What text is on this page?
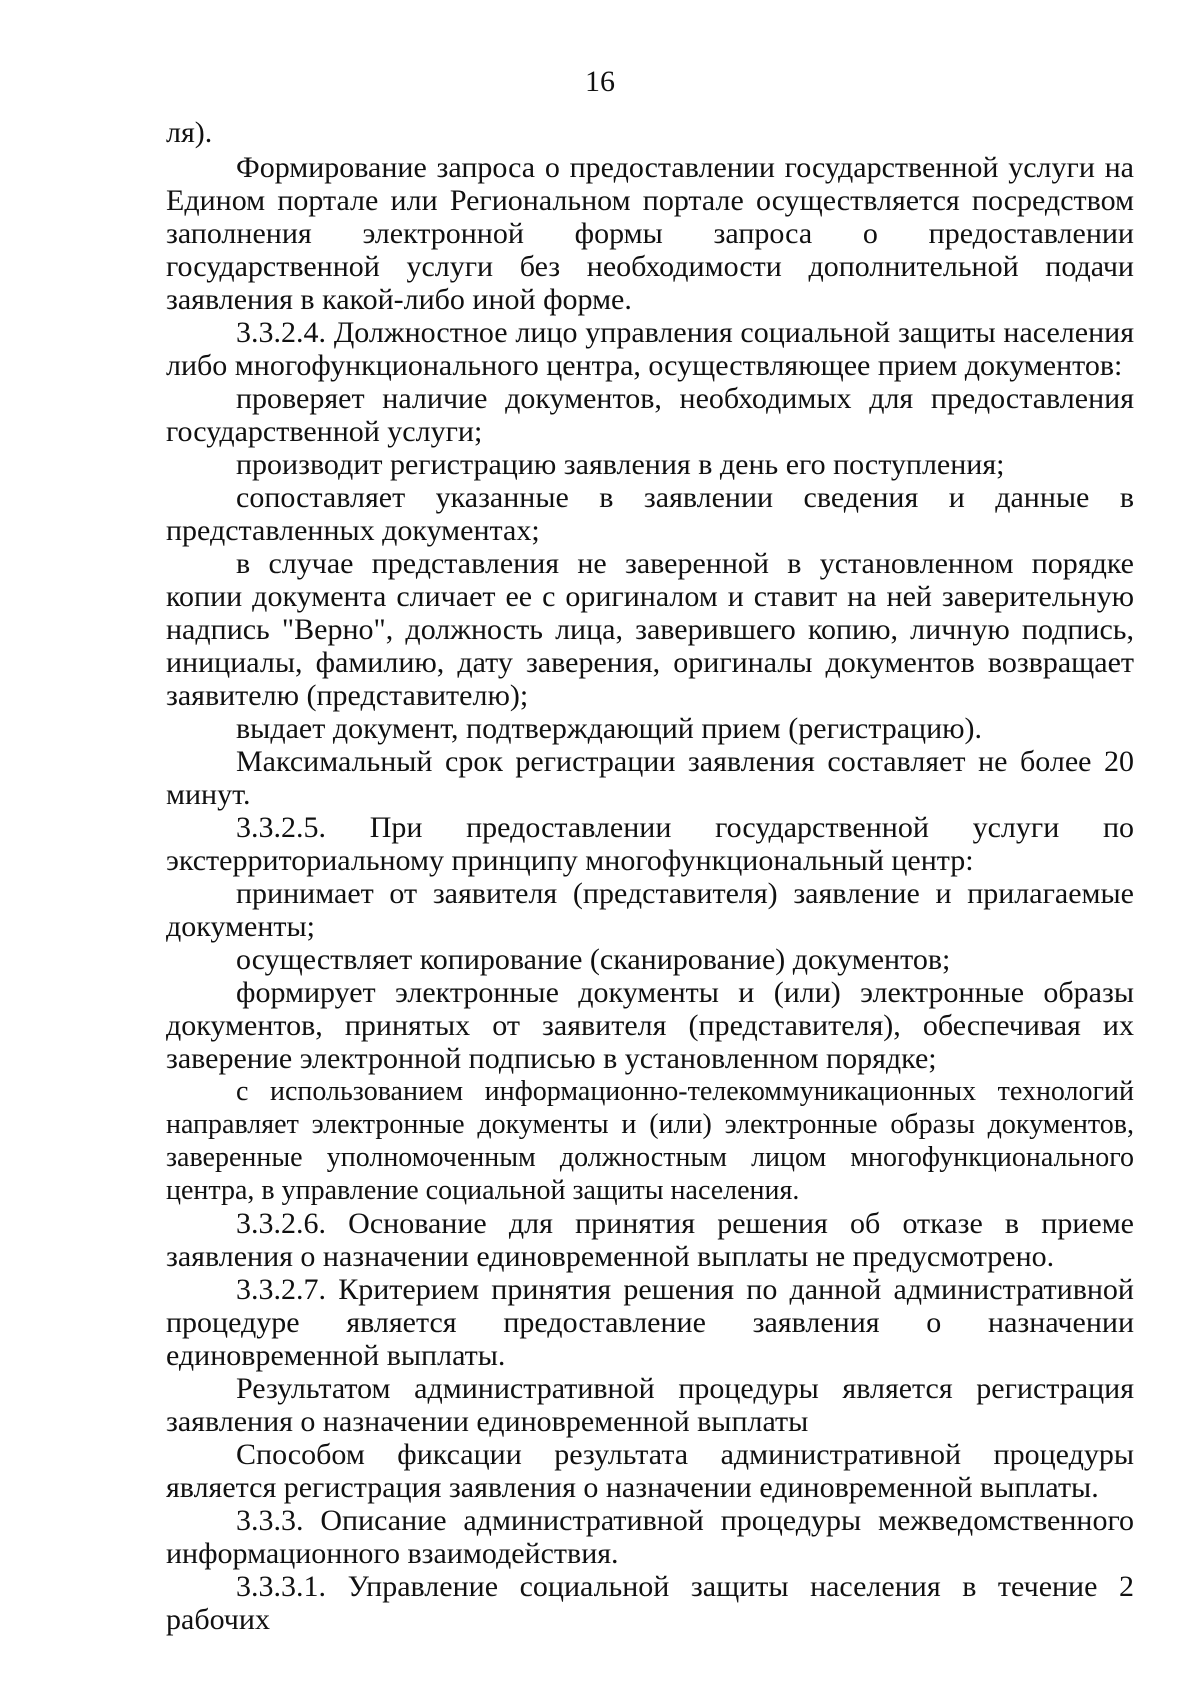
16

ля).

Формирование запроса о предоставлении государственной услуги на Едином портале или Региональном портале осуществляется посредством заполнения электронной формы запроса о предоставлении государственной услуги без необходимости дополнительной подачи заявления в какой-либо иной форме.

3.3.2.4. Должностное лицо управления социальной защиты населения либо многофункционального центра, осуществляющее прием документов:

проверяет наличие документов, необходимых для предоставления государственной услуги;

производит регистрацию заявления в день его поступления;

сопоставляет указанные в заявлении сведения и данные в представленных документах;

в случае представления не заверенной в установленном порядке копии документа сличает ее с оригиналом и ставит на ней заверительную надпись "Верно", должность лица, заверившего копию, личную подпись, инициалы, фамилию, дату заверения, оригиналы документов возвращает заявителю (представителю);

выдает документ, подтверждающий прием (регистрацию).

Максимальный срок регистрации заявления составляет не более 20 минут.

3.3.2.5. При предоставлении государственной услуги по экстерриториальному принципу многофункциональный центр:

принимает от заявителя (представителя) заявление и прилагаемые документы;

осуществляет копирование (сканирование) документов;

формирует электронные документы и (или) электронные образы документов, принятых от заявителя (представителя), обеспечивая их заверение электронной подписью в установленном порядке;

с использованием информационно-телекоммуникационных технологий направляет электронные документы и (или) электронные образы документов, заверенные уполномоченным должностным лицом многофункционального центра, в управление социальной защиты населения.

3.3.2.6. Основание для принятия решения об отказе в приеме заявления о назначении единовременной выплаты не предусмотрено.

3.3.2.7. Критерием принятия решения по данной административной процедуре является предоставление заявления о назначении единовременной выплаты.

Результатом административной процедуры является регистрация заявления о назначении единовременной выплаты

Способом фиксации результата административной процедуры является регистрация заявления о назначении единовременной выплаты.

3.3.3. Описание административной процедуры межведомственного информационного взаимодействия.

3.3.3.1. Управление социальной защиты населения в течение 2 рабочих
